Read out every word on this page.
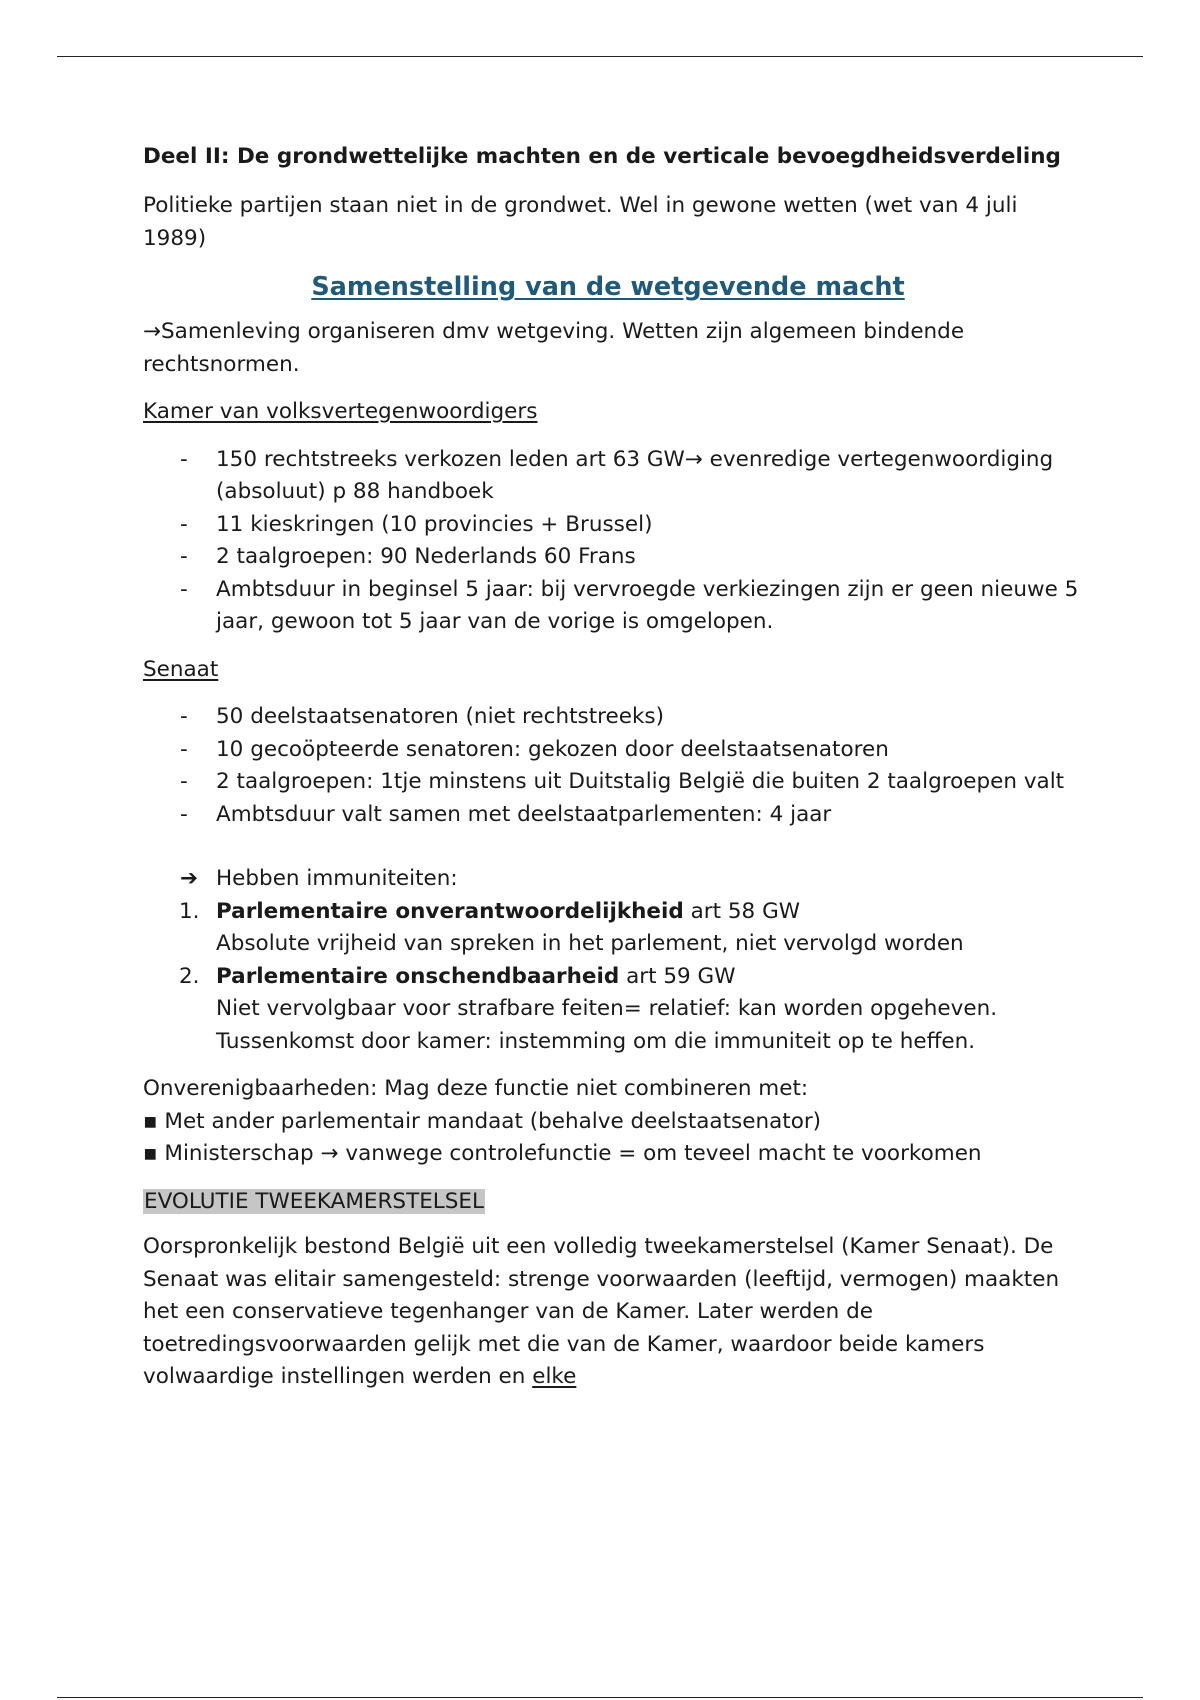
Deel II: De grondwettelijke machten en de verticale bevoegdheidsverdeling

Politieke partijen staan niet in de grondwet. Wel in gewone wetten (wet van 4 juli 1989)

Samenstelling van de wetgevende macht

→Samenleving organiseren dmv wetgeving. Wetten zijn algemeen bindende rechtsnormen.

Kamer van volksvertegenwoordigers

- 150 rechtstreeks verkozen leden art 63 GW→ evenredige vertegenwoordiging (absoluut) p 88 handboek
- 11 kieskringen (10 provincies + Brussel)
- 2 taalgroepen: 90 Nederlands 60 Frans
- Ambtsduur in beginsel 5 jaar: bij vervroegde verkiezingen zijn er geen nieuwe 5 jaar, gewoon tot 5 jaar van de vorige is omgelopen.

Senaat

- 50 deelstaatsenatoren (niet rechtstreeks)
- 10 gecoöpteerde senatoren: gekozen door deelstaatsenatoren
- 2 taalgroepen: 1tje minstens uit Duitstalig België die buiten 2 taalgroepen valt
- Ambtsduur valt samen met deelstaatparlementen: 4 jaar

➔ Hebben immuniteiten:

1. Parlementaire onverantwoordelijkheid art 58 GW
Absolute vrijheid van spreken in het parlement, niet vervolgd worden
2. Parlementaire onschendbaarheid art 59 GW
Niet vervolgbaar voor strafbare feiten= relatief: kan worden opgeheven. Tussenkomst door kamer: instemming om die immuniteit op te heffen.

Onverenigbaarheden: Mag deze functie niet combineren met:

▪ Met ander parlementair mandaat (behalve deelstaatsenator)

▪ Ministerschap → vanwege controlefunctie = om teveel macht te voorkomen

EVOLUTIE TWEEKAMERSTELSEL

Oorspronkelijk bestond België uit een volledig tweekamerstelsel (Kamer Senaat). De Senaat was elitair samengesteld: strenge voorwaarden (leeftijd, vermogen) maakten het een conservatieve tegenhanger van de Kamer. Later werden de toetredingsvoorwaarden gelijk met die van de Kamer, waardoor beide kamers volwaardige instellingen werden en elke
